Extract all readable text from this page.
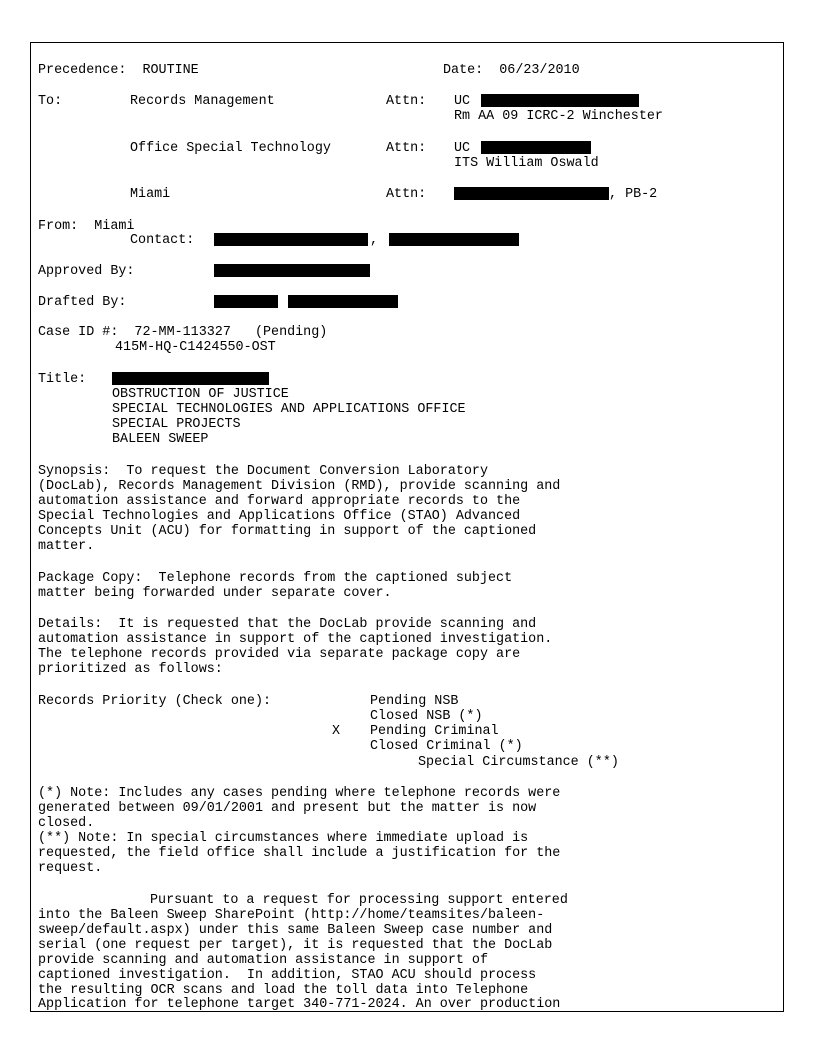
Precedence:  ROUTINE	Date:  06/23/2010
To:	Records Management	Attn: UC
Rm AA 09 ICRC-2 Winchester
Office Special Technology	Attn: UC
ITS William Oswald
Miami	Attn:	, PB-2
From:  Miami
Contact:	,
Approved By:
Drafted By:
Case ID #:  72-MM-113327   (Pending)
415M-HQ-C1424550-OST
Title:
OBSTRUCTION OF JUSTICE
SPECIAL TECHNOLOGIES AND APPLICATIONS OFFICE
SPECIAL PROJECTS
BALEEN SWEEP
Synopsis:  To request the Document Conversion Laboratory
(DocLab), Records Management Division (RMD), provide scanning and
automation assistance and forward appropriate records to the
Special Technologies and Applications Office (STAO) Advanced
Concepts Unit (ACU) for formatting in support of the captioned
matter.
Package Copy:  Telephone records from the captioned subject
matter being forwarded under separate cover.
Details:  It is requested that the DocLab provide scanning and
automation assistance in support of the captioned investigation.
The telephone records provided via separate package copy are
prioritized as follows:
Records Priority (Check one):	Pending NSB
Closed NSB (*)
X Pending Criminal
Closed Criminal (*)
Special Circumstance (**)
(*) Note: Includes any cases pending where telephone records were
generated between 09/01/2001 and present but the matter is now
closed.
(**) Note: In special circumstances where immediate upload is
requested, the field office shall include a justification for the
request.
Pursuant to a request for processing support entered
into the Baleen Sweep SharePoint (http://home/teamsites/baleen-
sweep/default.aspx) under this same Baleen Sweep case number and
serial (one request per target), it is requested that the DocLab
provide scanning and automation assistance in support of
captioned investigation.  In addition, STAO ACU should process
the resulting OCR scans and load the toll data into Telephone
Application for telephone target 340-771-2024. An over production
